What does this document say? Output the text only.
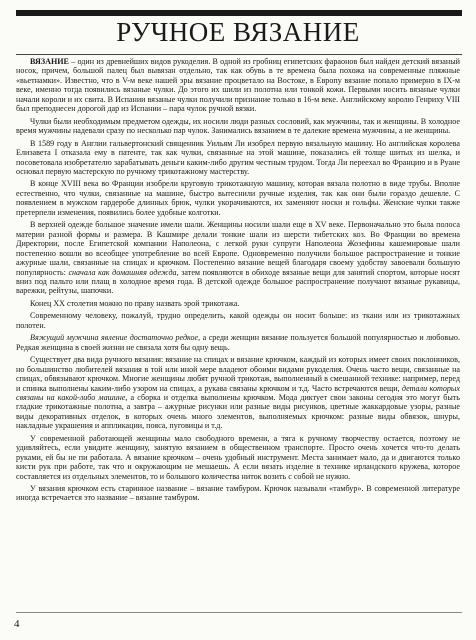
РУЧНОЕ ВЯЗАНИЕ

ВЯЗАНИЕ – один из древнейших видов рукоделия. В одной из гробниц египетских фараонов был найден детский вязаный носок, причем, большой палец был вывязан отдельно, так как обувь в те времена была похожа на современные пляжные «вьетнамки». Известно, что в V-м веке нашей эры вязание процветало на Востоке, в Европу вязание попало примерно в IX-м веке, именно тогда появились вязаные чулки. До этого их шили из полотна или тонкой кожи. Первыми носить вязаные чулки начали короли и их свита. В Испании вязаные чулки получили признание только в 16-м веке. Английскому королю Генриху VIII был преподнесен дорогой дар из Испании – пара чулок ручной вязки.

Чулки были необходимым предметом одежды, их носили люди разных сословий, как мужчины, так и женщины. В холодное время мужчины надевали сразу по несколько пар чулок. Занимались вязанием в те далекие времена мужчины, а не женщины.

В 1589 году в Англии гальвертонский священник Уильям Ли изобрел первую вязальную машину. Но английская королева Елизавета I отказала ему в патенте, так как чулки, связанные на этой машине, показались ей толще шитых из шелка, и посоветовала изобретателю зарабатывать деньги каким-либо другим честным трудом. Тогда Ли переехал во Францию и в Руане основал первую мастерскую по ручному трикотажному мастерству.

В конце XVIII века во Франции изобрели круговую трикотажную машину, которая вязала полотно в виде трубы. Вполне естественно, что чулки, связанные на машине, быстро вытеснили ручные изделия, так как они были гораздо дешевле. С появлением в мужском гардеробе длинных брюк, чулки укорачиваются, их заменяют носки и гольфы. Женские чулки также претерпели изменения, появились более удобные колготки.

В верхней одежде большое значение имели шали. Женщины носили шали еще в XV веке. Первоначально это была полоса материи разной формы и размера. В Кашмире делали тонкие шали из шерсти тибетских коз. Во Франции во времена Директории, после Египетской компании Наполеона, с легкой руки супруги Наполеона Жозефины кашемировые шали постепенно вошли во всеобщее употребление во всей Европе. Одновременно получили большое распространение и тонкие ажурные шали, связанные на спицах и крючком. Постепенно вязание вещей благодаря своему удобству завоевали большую популярность: сначала как домашняя одежда, затем появляются в обиходе вязаные вещи для занятий спортом, которые носят вниз под пальто или плащ в холодное время года. В детской одежде большое распространение получают вязаные рукавицы, варежки, рейтузы, шапочки.

Конец XX столетия можно по праву назвать эрой трикотажа.

Современному человеку, пожалуй, трудно определить, какой одежды он носит больше: из ткани или из трикотажных полотен.

Вяжущий мужчина явление достаточно редкое, а среди женщин вязание пользуется большой популярностью и любовью. Редкая женщина в своей жизни не связала хотя бы одну вещь.

Существует два вида ручного вязания: вязание на спицах и вязание крючком, каждый из которых имеет своих поклонников, но большинство любителей вязания в той или иной мере владеют обоими видами рукоделия. Очень часто вещи, связанные на спицах, обвязывают крючком. Многие женщины любят ручной трикотаж, выполненный в смешанной технике: например, перед и спинка выполнены каким-либо узором на спицах, а рукава связаны крючком и т.д. Часто встречаются вещи, детали которых связаны на какой-либо машине, а сборка и отделка выполнены крючком. Мода диктует свои законы сегодня это могут быть гладкие трикотажные полотна, а завтра – ажурные рисунки или разные виды рисунков, цветные жаккардовые узоры, разные виды декоративных отделок, в которых очень много элементов, выполняемых крючком: разные виды обвязок, шнуры, накладные украшения и аппликации, пояса, пуговицы и т.д.

У современной работающей женщины мало свободного времени, а тяга к ручному творчеству остается, поэтому не удивляйтесь, если увидите женщину, занятую вязанием в общественном транспорте. Просто очень хочется что-то делать руками, ей бы не пи работала. А вязание крючком – очень удобный инструмент. Места занимает мало, да и двигаются только кисти рук при работе, так что и окружающим не мешаешь. А если вязать изделие в технике ирландского кружева, которое составляется из отдельных элементов, то и большого количества ниток возить с собой не нужно.

У вязания крючком есть старинное название – вязание тамбуром. Крючок называли «тамбур». В современной литературе иногда встречается это название – вязание тамбуром.

4
